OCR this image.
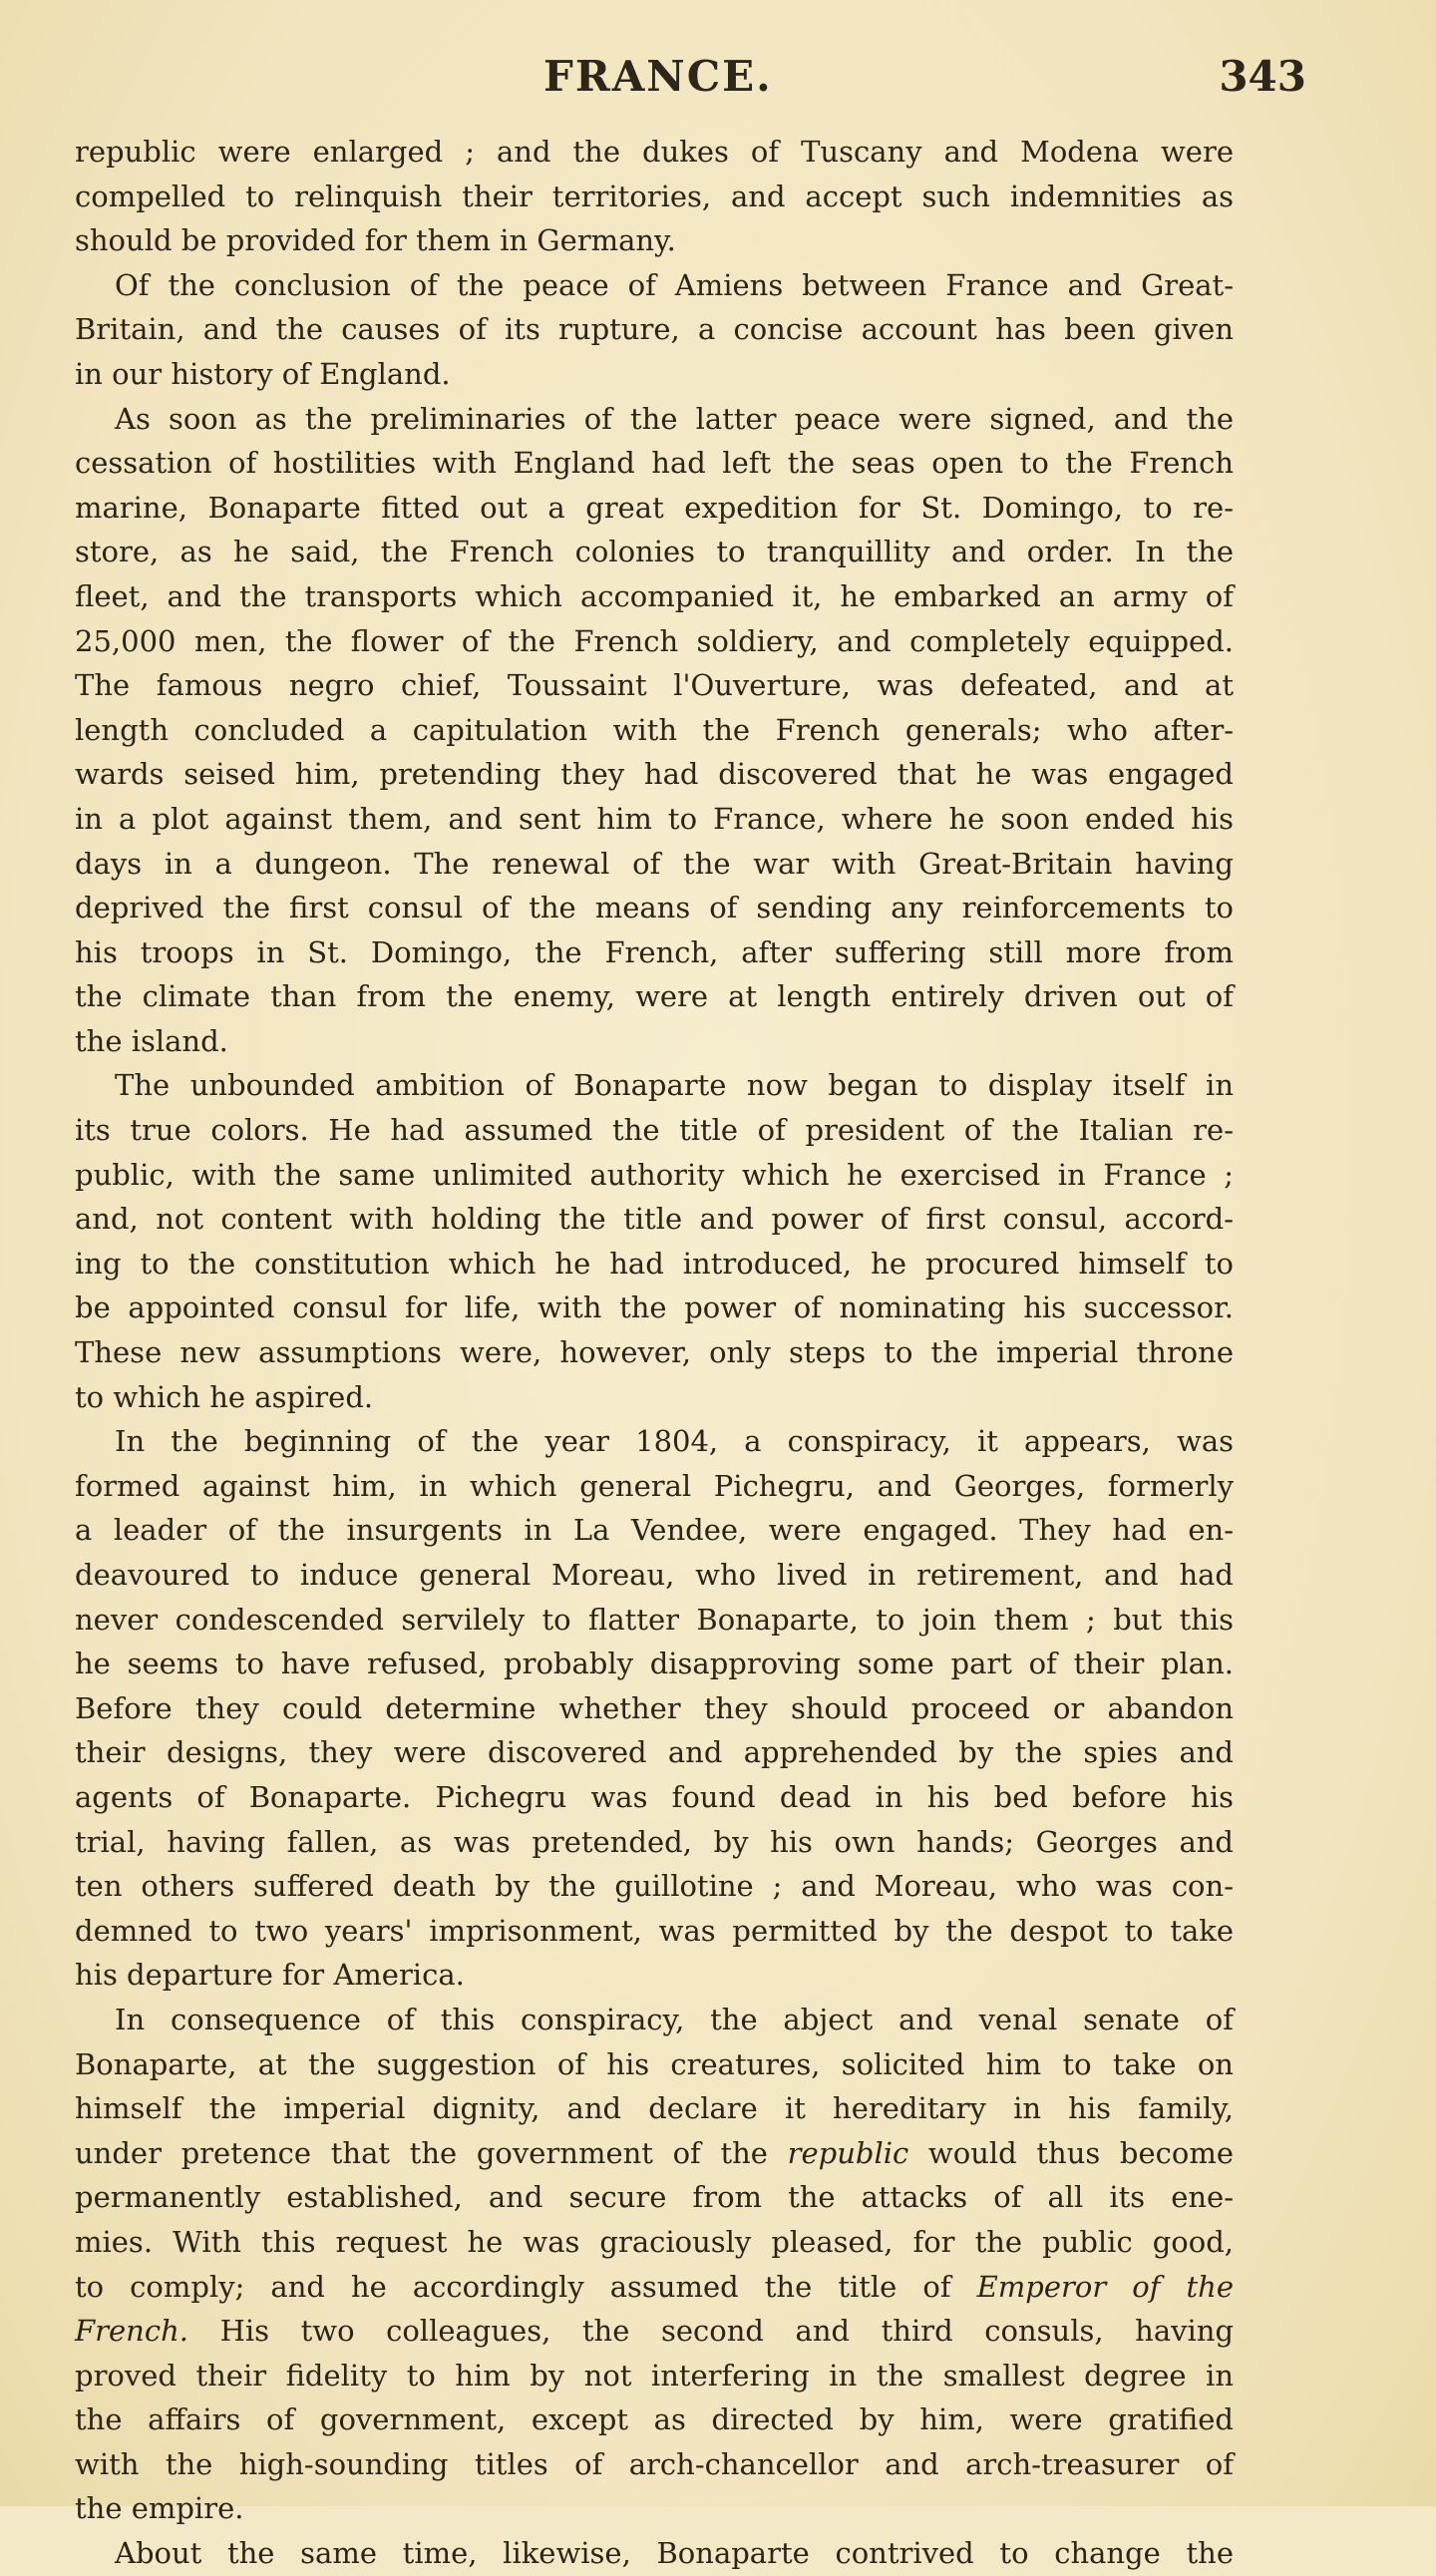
FRANCE.	343
republic were enlarged ; and the dukes of Tuscany and Modena were
compelled to relinquish their territories, and accept such indemnities as
should be provided for them in Germany.
Of the conclusion of the peace of Amiens between France and Great-
Britain, and the causes of its rupture, a concise account has been given
in our history of England.
As soon as the preliminaries of the latter peace were signed, and the
cessation of hostilities with England had left the seas open to the French
marine, Bonaparte fitted out a great expedition for St. Domingo, to re-
store, as he said, the French colonies to tranquillity and order. In the
fleet, and the transports which accompanied it, he embarked an army of
25,000 men, the flower of the French soldiery, and completely equipped.
The famous negro chief, Toussaint l'Ouverture, was defeated, and at
length concluded a capitulation with the French generals; who after-
wards seised him, pretending they had discovered that he was engaged
in a plot against them, and sent him to France, where he soon ended his
days in a dungeon. The renewal of the war with Great-Britain having
deprived the first consul of the means of sending any reinforcements to
his troops in St. Domingo, the French, after suffering still more from
the climate than from the enemy, were at length entirely driven out of
the island.
The unbounded ambition of Bonaparte now began to display itself in
its true colors. He had assumed the title of president of the Italian re-
public, with the same unlimited authority which he exercised in France ;
and, not content with holding the title and power of first consul, accord-
ing to the constitution which he had introduced, he procured himself to
be appointed consul for life, with the power of nominating his successor.
These new assumptions were, however, only steps to the imperial throne
to which he aspired.
In the beginning of the year 1804, a conspiracy, it appears, was
formed against him, in which general Pichegru, and Georges, formerly
a leader of the insurgents in La Vendee, were engaged. They had en-
deavoured to induce general Moreau, who lived in retirement, and had
never condescended servilely to flatter Bonaparte, to join them ; but this
he seems to have refused, probably disapproving some part of their plan.
Before they could determine whether they should proceed or abandon
their designs, they were discovered and apprehended by the spies and
agents of Bonaparte. Pichegru was found dead in his bed before his
trial, having fallen, as was pretended, by his own hands; Georges and
ten others suffered death by the guillotine ; and Moreau, who was con-
demned to two years' imprisonment, was permitted by the despot to take
his departure for America.
In consequence of this conspiracy, the abject and venal senate of
Bonaparte, at the suggestion of his creatures, solicited him to take on
himself the imperial dignity, and declare it hereditary in his family,
under pretence that the government of the republic would thus become
permanently established, and secure from the attacks of all its ene-
mies. With this request he was graciously pleased, for the public good,
to comply; and he accordingly assumed the title of Emperor of the
French. His two colleagues, the second and third consuls, having
proved their fidelity to him by not interfering in the smallest degree in
the affairs of government, except as directed by him, were gratified
with the high-sounding titles of arch-chancellor and arch-treasurer of
the empire.
About the same time, likewise, Bonaparte contrived to change the
